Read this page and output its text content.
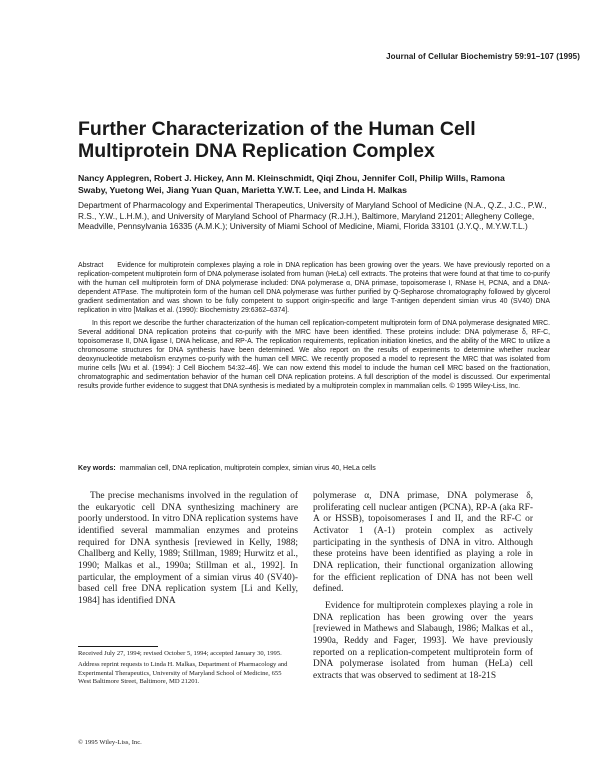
Journal of Cellular Biochemistry 59:91–107 (1995)
Further Characterization of the Human Cell Multiprotein DNA Replication Complex
Nancy Applegren, Robert J. Hickey, Ann M. Kleinschmidt, Qiqi Zhou, Jennifer Coll, Philip Wills, Ramona Swaby, Yuetong Wei, Jiang Yuan Quan, Marietta Y.W.T. Lee, and Linda H. Malkas
Department of Pharmacology and Experimental Therapeutics, University of Maryland School of Medicine (N.A., Q.Z., J.C., P.W., R.S., Y.W., L.H.M.), and University of Maryland School of Pharmacy (R.J.H.), Baltimore, Maryland 21201; Allegheny College, Meadville, Pennsylvania 16335 (A.M.K.); University of Miami School of Medicine, Miami, Florida 33101 (J.Y.Q., M.Y.W.T.L.)

Abstract Evidence for multiprotein complexes playing a role in DNA replication has been growing over the years. We have previously reported on a replication-competent multiprotein form of DNA polymerase isolated from human (HeLa) cell extracts. The proteins that were found at that time to co-purify with the human cell multiprotein form of DNA polymerase included: DNA polymerase α, DNA primase, topoisomerase I, RNase H, PCNA, and a DNA-dependent ATPase. The multiprotein form of the human cell DNA polymerase was further purified by Q-Sepharose chromatography followed by glycerol gradient sedimentation and was shown to be fully competent to support origin-specific and large T-antigen dependent simian virus 40 (SV40) DNA replication in vitro [Malkas et al. (1990): Biochemistry 29:6362–6374].

In this report we describe the further characterization of the human cell replication-competent multiprotein form of DNA polymerase designated MRC. Several additional DNA replication proteins that co-purify with the MRC have been identified. These proteins include: DNA polymerase δ, RF-C, topoisomerase II, DNA ligase I, DNA helicase, and RP-A. The replication requirements, replication initiation kinetics, and the ability of the MRC to utilize a chromosome structures for DNA synthesis have been determined. We also report on the results of experiments to determine whether nuclear deoxynucleotide metabolism enzymes co-purify with the human cell MRC. We recently proposed a model to represent the MRC that was isolated from murine cells [Wu et al. (1994): J Cell Biochem 54:32–46]. We can now extend this model to include the human cell MRC based on the fractionation, chromatographic and sedimentation behavior of the human cell DNA replication proteins. A full description of the model is discussed. Our experimental results provide further evidence to suggest that DNA synthesis is mediated by a multiprotein complex in mammalian cells. © 1995 Wiley-Liss, Inc.

Key words: mammalian cell, DNA replication, multiprotein complex, simian virus 40, HeLa cells

The precise mechanisms involved in the regulation of the eukaryotic cell DNA synthesizing machinery are poorly understood. In vitro DNA replication systems have identified several mammalian enzymes and proteins required for DNA synthesis [reviewed in Kelly, 1988; Challberg and Kelly, 1989; Stillman, 1989; Hurwitz et al., 1990; Malkas et al., 1990a; Stillman et al., 1992]. In particular, the employment of a simian virus 40 (SV40)-based cell free DNA replication system [Li and Kelly, 1984] has identified DNA

polymerase α, DNA primase, DNA polymerase δ, proliferating cell nuclear antigen (PCNA), RP-A (aka RF-A or HSSB), topoisomerases I and II, and the RF-C or Activator 1 (A-1) protein complex as actively participating in the synthesis of DNA in vitro. Although these proteins have been identified as playing a role in DNA replication, their functional organization allowing for the efficient replication of DNA has not been well defined.

Evidence for multiprotein complexes playing a role in DNA replication has been growing over the years [reviewed in Mathews and Slabaugh, 1986; Malkas et al., 1990a, Reddy and Fager, 1993]. We have previously reported on a replication-competent multiprotein form of DNA polymerase isolated from human (HeLa) cell extracts that was observed to sediment at 18-21S

Received July 27, 1994; revised October 5, 1994; accepted January 30, 1995.

Address reprint requests to Linda H. Malkas, Department of Pharmacology and Experimental Therapeutics, University of Maryland School of Medicine, 655 West Baltimore Street, Baltimore, MD 21201.

© 1995 Wiley-Liss, Inc.
